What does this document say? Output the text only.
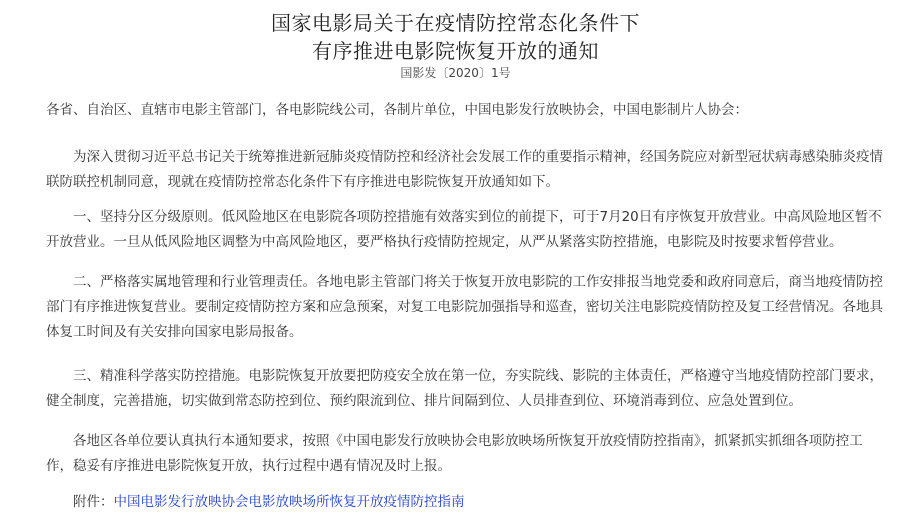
国家电影局关于在疫情防控常态化条件下
有序推进电影院恢复开放的通知
国影发〔2020〕1号
各省、自治区、直辖市电影主管部门，各电影院线公司，各制片单位，中国电影发行放映协会，中国电影制片人协会：
为深入贯彻习近平总书记关于统筹推进新冠肺炎疫情防控和经济社会发展工作的重要指示精神，经国务院应对新型冠状病毒感染肺炎疫情联防联控机制同意，现就在疫情防控常态化条件下有序推进电影院恢复开放通知如下。
一、坚持分区分级原则。低风险地区在电影院各项防控措施有效落实到位的前提下，可于7月20日有序恢复开放营业。中高风险地区暂不开放营业。一旦从低风险地区调整为中高风险地区，要严格执行疫情防控规定，从严从紧落实防控措施，电影院及时按要求暂停营业。
二、严格落实属地管理和行业管理责任。各地电影主管部门将关于恢复开放电影院的工作安排报当地党委和政府同意后，商当地疫情防控部门有序推进恢复营业。要制定疫情防控方案和应急预案，对复工电影院加强指导和巡查，密切关注电影院疫情防控及复工经营情况。各地具体复工时间及有关安排向国家电影局报备。
三、精准科学落实防控措施。电影院恢复开放要把防疫安全放在第一位，夯实院线、影院的主体责任，严格遵守当地疫情防控部门要求，健全制度，完善措施，切实做到常态防控到位、预约限流到位、排片间隔到位、人员排查到位、环境消毒到位、应急处置到位。
各地区各单位要认真执行本通知要求，按照《中国电影发行放映协会电影放映场所恢复开放疫情防控指南》，抓紧抓实抓细各项防控工作，稳妥有序推进电影院恢复开放，执行过程中遇有情况及时上报。
附件：中国电影发行放映协会电影放映场所恢复开放疫情防控指南
